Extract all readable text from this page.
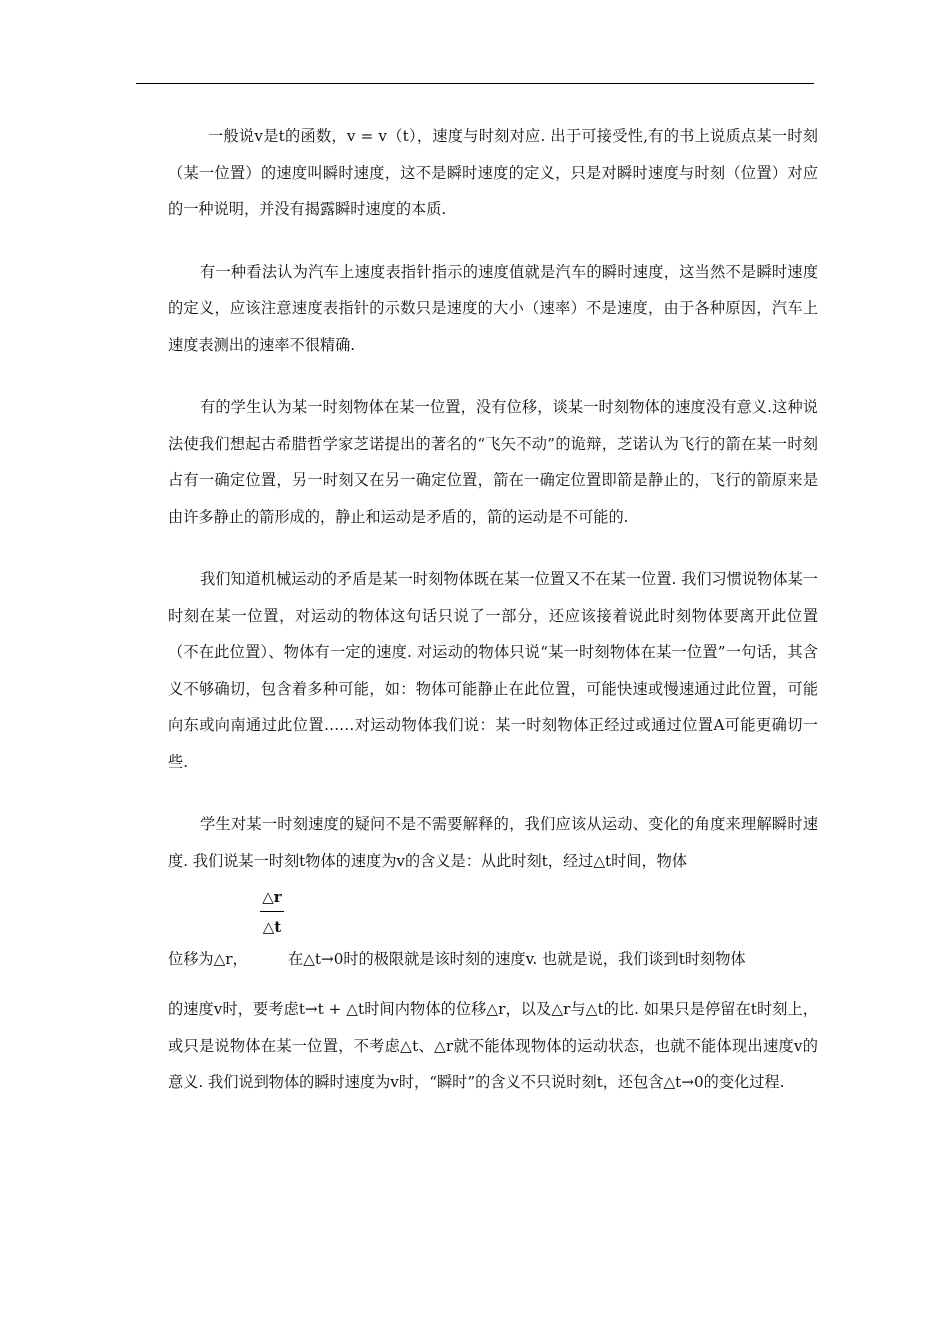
一般说v是t的函数，v = v（t），速度与时刻对应. 出于可接受性,有的书上说质点某一时刻（某一位置）的速度叫瞬时速度，这不是瞬时速度的定义，只是对瞬时速度与时刻（位置）对应的一种说明，并没有揭露瞬时速度的本质.

有一种看法认为汽车上速度表指针指示的速度值就是汽车的瞬时速度，这当然不是瞬时速度的定义，应该注意速度表指针的示数只是速度的大小（速率）不是速度，由于各种原因，汽车上速度表测出的速率不很精确.

有的学生认为某一时刻物体在某一位置，没有位移，谈某一时刻物体的速度没有意义.这种说法使我们想起古希腊哲学家芝诺提出的著名的“飞矢不动”的诡辩，芝诺认为飞行的箭在某一时刻占有一确定位置，另一时刻又在另一确定位置，箭在一确定位置即箭是静止的，飞行的箭原来是由许多静止的箭形成的，静止和运动是矛盾的，箭的运动是不可能的.

我们知道机械运动的矛盾是某一时刻物体既在某一位置又不在某一位置. 我们习惯说物体某一时刻在某一位置，对运动的物体这句话只说了一部分，还应该接着说此时刻物体要离开此位置（不在此位置）、物体有一定的速度. 对运动的物体只说“某一时刻物体在某一位置”一句话，其含义不够确切，包含着多种可能，如：物体可能静止在此位置，可能快速或慢速通过此位置，可能向东或向南通过此位置……对运动物体我们说：某一时刻物体正经过或通过位置A可能更确切一些.

学生对某一时刻速度的疑问不是不需要解释的，我们应该从运动、变化的角度来理解瞬时速度. 我们说某一时刻t物体的速度为v的含义是：从此时刻t，经过△t时间，物体

△r
△t
位移为△r，	在△t→0时的极限就是该时刻的速度v. 也就是说，我们谈到t时刻物体

的速度v时，要考虑t→t + △t时间内物体的位移△r，以及△r与△t的比. 如果只是停留在t时刻上，或只是说物体在某一位置，不考虑△t、△r就不能体现物体的运动状态，也就不能体现出速度v的意义. 我们说到物体的瞬时速度为v时，“瞬时”的含义不只说时刻t，还包含△t→0的变化过程.
